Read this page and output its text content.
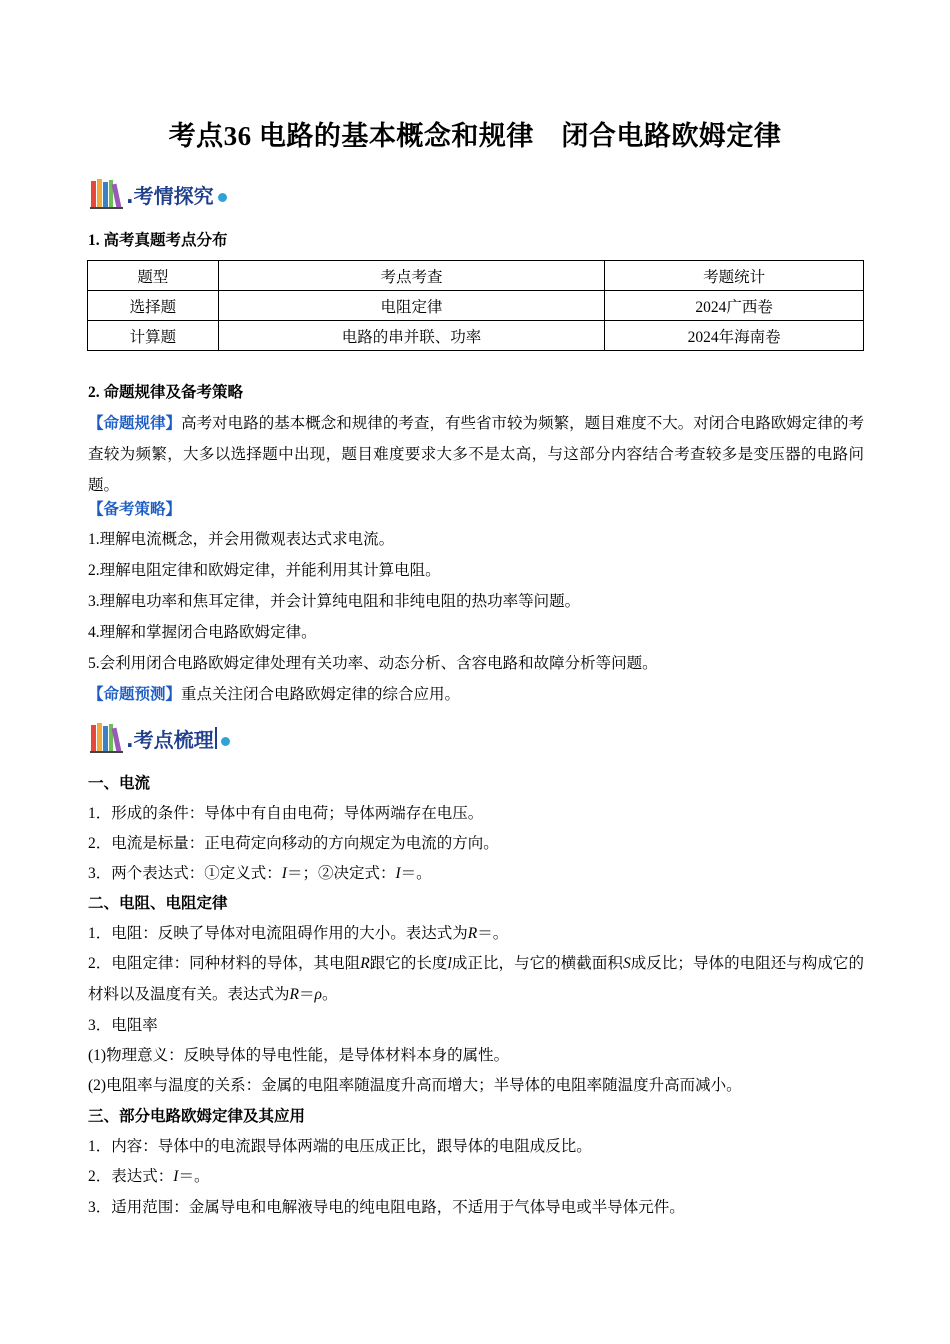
考点36 电路的基本概念和规律　闭合电路欧姆定律
.考情探究
1. 高考真题考点分布
题型	考点考查	考题统计
选择题	电阻定律	2024广西卷
计算题	电路的串并联、功率	2024年海南卷
2. 命题规律及备考策略
【命题规律】高考对电路的基本概念和规律的考查，有些省市较为频繁，题目难度不大。对闭合电路欧姆定律的考查较为频繁，大多以选择题中出现，题目难度要求大多不是太高，与这部分内容结合考查较多是变压器的电路问题。
【备考策略】
1.理解电流概念，并会用微观表达式求电流。
2.理解电阻定律和欧姆定律，并能利用其计算电阻。
3.理解电功率和焦耳定律，并会计算纯电阻和非纯电阻的热功率等问题。
4.理解和掌握闭合电路欧姆定律。
5.会利用闭合电路欧姆定律处理有关功率、动态分析、含容电路和故障分析等问题。
【命题预测】重点关注闭合电路欧姆定律的综合应用。
.考点梳理
一、电流
1．形成的条件：导体中有自由电荷；导体两端存在电压。
2．电流是标量：正电荷定向移动的方向规定为电流的方向。
3．两个表达式：①定义式：I＝；②决定式：I＝。
二、电阻、电阻定律
1．电阻：反映了导体对电流阻碍作用的大小。表达式为R＝。
2．电阻定律：同种材料的导体，其电阻R跟它的长度l成正比，与它的横截面积S成反比；导体的电阻还与构成它的材料以及温度有关。表达式为R＝ρ。
3．电阻率
(1)物理意义：反映导体的导电性能，是导体材料本身的属性。
(2)电阻率与温度的关系：金属的电阻率随温度升高而增大；半导体的电阻率随温度升高而减小。
三、部分电路欧姆定律及其应用
1．内容：导体中的电流跟导体两端的电压成正比，跟导体的电阻成反比。
2．表达式：I＝。
3．适用范围：金属导电和电解液导电的纯电阻电路，不适用于气体导电或半导体元件。
